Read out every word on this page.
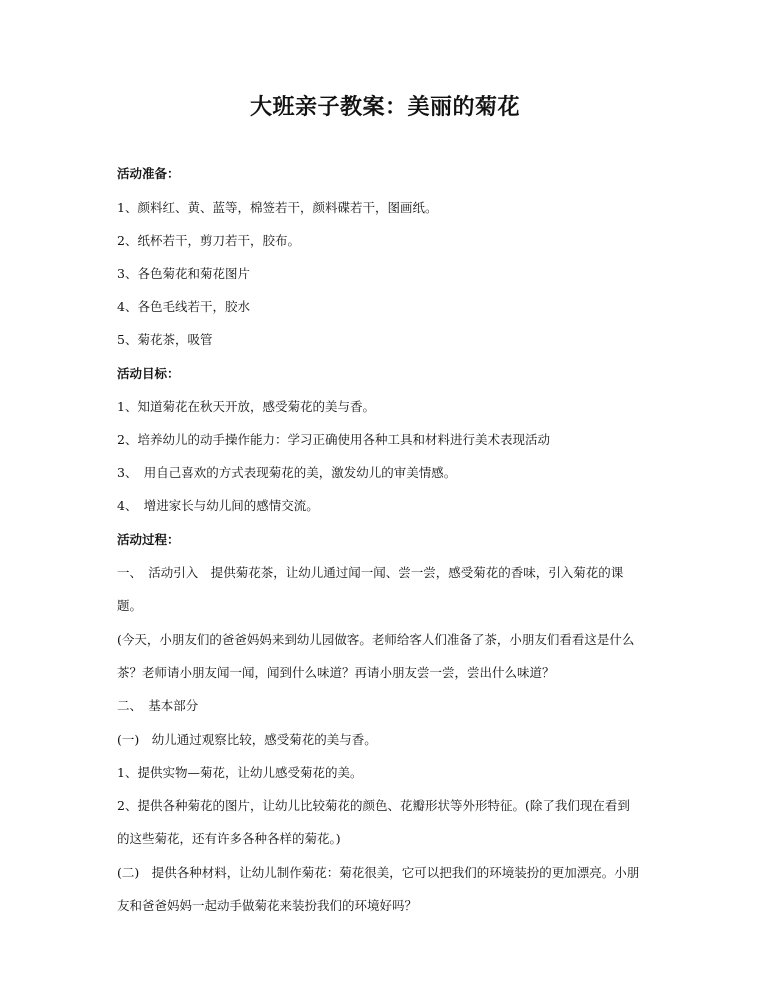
大班亲子教案：美丽的菊花
活动准备：
1、颜料红、黄、蓝等，棉签若干，颜料碟若干，图画纸。
2、纸杯若干，剪刀若干，胶布。
3、各色菊花和菊花图片
4、各色毛线若干，胶水
5、菊花茶，吸管
活动目标：
1、知道菊花在秋天开放，感受菊花的美与香。
2、培养幼儿的动手操作能力：学习正确使用各种工具和材料进行美术表现活动
3、　用自己喜欢的方式表现菊花的美，激发幼儿的审美情感。
4、　增进家长与幼儿间的感情交流。
活动过程：
一、　活动引入　提供菊花茶，让幼儿通过闻一闻、尝一尝，感受菊花的香味，引入菊花的课
题。
(今天，小朋友们的爸爸妈妈来到幼儿园做客。老师给客人们准备了茶，小朋友们看看这是什么
茶？老师请小朋友闻一闻，闻到什么味道？再请小朋友尝一尝，尝出什么味道？
二、　基本部分
(一)　幼儿通过观察比较，感受菊花的美与香。
1、提供实物—菊花，让幼儿感受菊花的美。
2、提供各种菊花的图片，让幼儿比较菊花的颜色、花瓣形状等外形特征。(除了我们现在看到
的这些菊花，还有许多各种各样的菊花。)
(二)　提供各种材料，让幼儿制作菊花：菊花很美，它可以把我们的环境装扮的更加漂亮。小朋
友和爸爸妈妈一起动手做菊花来装扮我们的环境好吗？
